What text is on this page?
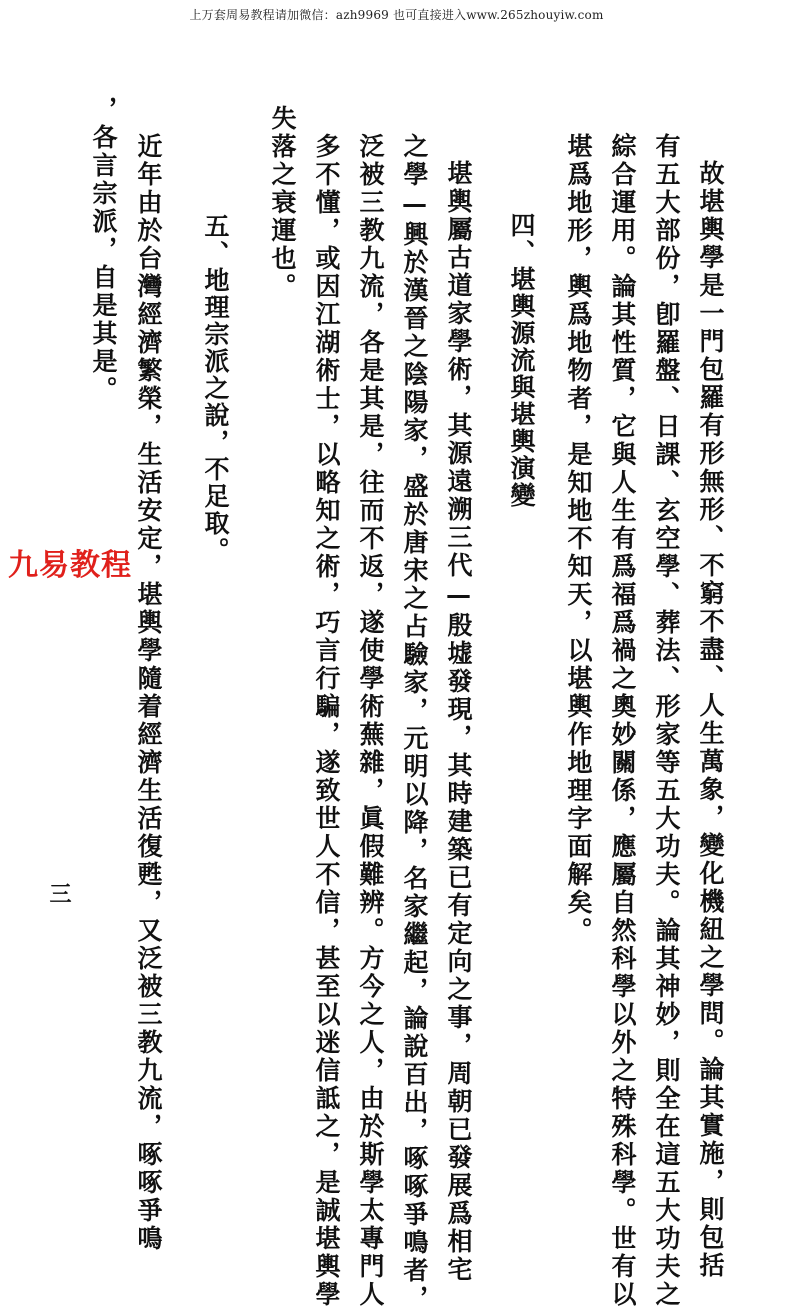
上万套周易教程请加微信：azh9969 也可直接进入www.265zhouyiw.com
故堪輿學是一門包羅有形無形、不窮不盡、人生萬象，變化機紐之學問。論其實施，則包括
有五大部份，卽羅盤、日課、玄空學、葬法、形家等五大功夫。論其神妙，則全在這五大功夫之
綜合運用。論其性質，它與人生有爲福爲禍之奧妙關係，應屬自然科學以外之特殊科學。世有以
堪爲地形，輿爲地物者，是知地不知天，以堪輿作地理字面解矣。
四、堪輿源流與堪輿演變
堪輿屬古道家學術，其源遠溯三代—殷墟發現，其時建築已有定向之事，周朝已發展爲相宅
之學—興於漢晉之陰陽家，盛於唐宋之占驗家，元明以降，名家繼起，論說百出，啄啄爭鳴者，
泛被三教九流，各是其是，往而不返，遂使學術蕪雜，眞假難辨。方今之人，由於斯學太專門人
多不懂，或因江湖術士，以略知之術，巧言行騙，遂致世人不信，甚至以迷信詆之，是誠堪輿學
失落之衰運也。
五、地理宗派之說，不足取。
近年由於台灣經濟繁榮，生活安定，堪輿學隨着經濟生活復甦，又泛被三教九流，啄啄爭鳴
，各言宗派，自是其是。
九易教程
三
